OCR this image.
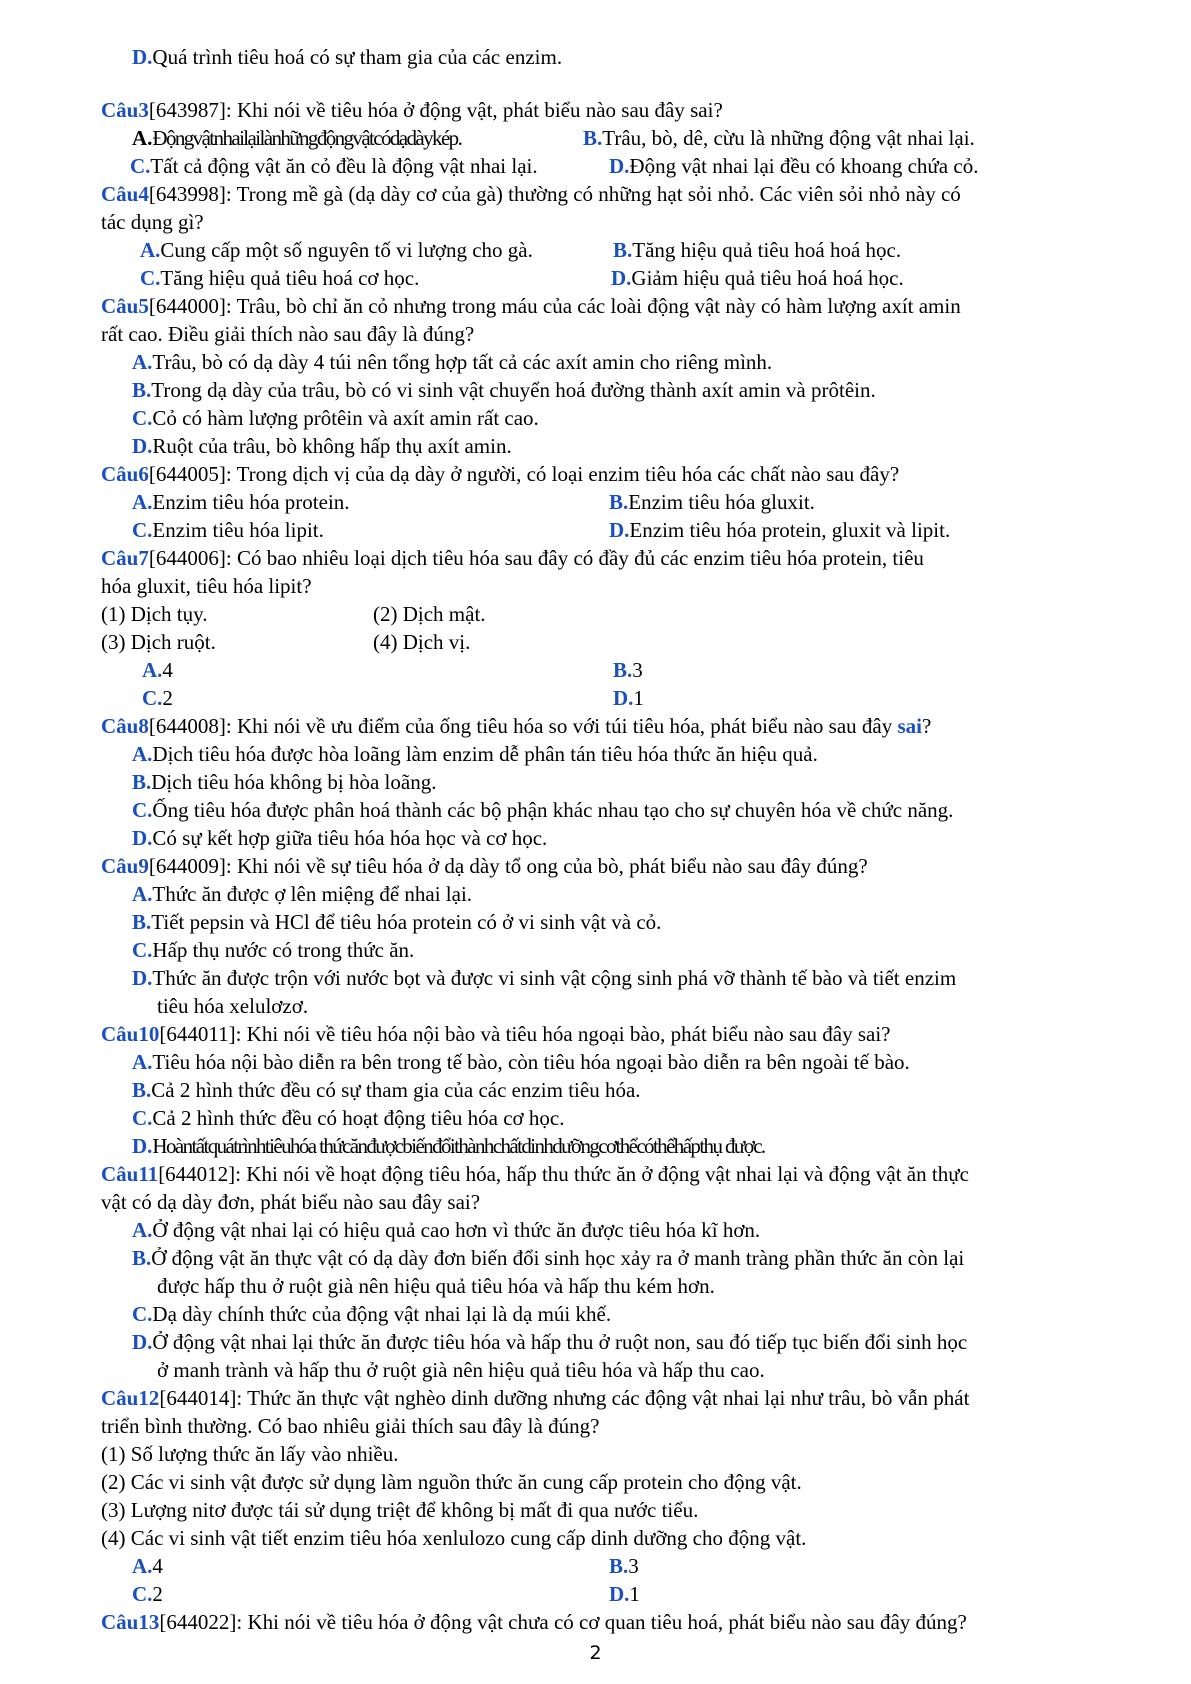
D.Quá trình tiêu hoá có sự tham gia của các enzim.
Câu3[643987]: Khi nói về tiêu hóa ở động vật, phát biểu nào sau đây sai?
A.Độngvậtnhailạilànhữngđộngvậtcódạdàykép.	B.Trâu, bò, dê, cừu là những động vật nhai lại.
C.Tất cả động vật ăn cỏ đều là động vật nhai lại.	D.Động vật nhai lại đều có khoang chứa cỏ.
Câu4[643998]: Trong mề gà (dạ dày cơ của gà) thường có những hạt sỏi nhỏ. Các viên sỏi nhỏ này có
tác dụng gì?
A.Cung cấp một số nguyên tố vi lượng cho gà.	B.Tăng hiệu quả tiêu hoá hoá học.
C.Tăng hiệu quả tiêu hoá cơ học.	D.Giảm hiệu quả tiêu hoá hoá học.
Câu5[644000]: Trâu, bò chỉ ăn cỏ nhưng trong máu của các loài động vật này có hàm lượng axít amin
rất cao. Điều giải thích nào sau đây là đúng?
A.Trâu, bò có dạ dày 4 túi nên tổng hợp tất cả các axít amin cho riêng mình.
B.Trong dạ dày của trâu, bò có vi sinh vật chuyển hoá đường thành axít amin và prôtêin.
C.Cỏ có hàm lượng prôtêin và axít amin rất cao.
D.Ruột của trâu, bò không hấp thụ axít amin.
Câu6[644005]: Trong dịch vị của dạ dày ở người, có loại enzim tiêu hóa các chất nào sau đây?
A.Enzim tiêu hóa protein.	B.Enzim tiêu hóa gluxit.
C.Enzim tiêu hóa lipit.	D.Enzim tiêu hóa protein, gluxit và lipit.
Câu7[644006]: Có bao nhiêu loại dịch tiêu hóa sau đây có đầy đủ các enzim tiêu hóa protein, tiêu
hóa gluxit, tiêu hóa lipit?
(1) Dịch tụy.	(2) Dịch mật.
(3) Dịch ruột.	(4) Dịch vị.
A.4	B.3
C.2	D.1
Câu8[644008]: Khi nói về ưu điểm của ống tiêu hóa so với túi tiêu hóa, phát biểu nào sau đây sai?
A.Dịch tiêu hóa được hòa loãng làm enzim dễ phân tán tiêu hóa thức ăn hiệu quả.
B.Dịch tiêu hóa không bị hòa loãng.
C.Ống tiêu hóa được phân hoá thành các bộ phận khác nhau tạo cho sự chuyên hóa về chức năng.
D.Có sự kết hợp giữa tiêu hóa hóa học và cơ học.
Câu9[644009]: Khi nói về sự tiêu hóa ở dạ dày tổ ong của bò, phát biểu nào sau đây đúng?
A.Thức ăn được ợ lên miệng để nhai lại.
B.Tiết pepsin và HCl để tiêu hóa protein có ở vi sinh vật và cỏ.
C.Hấp thụ nước có trong thức ăn.
D.Thức ăn được trộn với nước bọt và được vi sinh vật cộng sinh phá vỡ thành tế bào và tiết enzim
tiêu hóa xelulơzơ.
Câu10[644011]: Khi nói về tiêu hóa nội bào và tiêu hóa ngoại bào, phát biểu nào sau đây sai?
A.Tiêu hóa nội bào diễn ra bên trong tế bào, còn tiêu hóa ngoại bào diễn ra bên ngoài tế bào.
B.Cả 2 hình thức đều có sự tham gia của các enzim tiêu hóa.
C.Cả 2 hình thức đều có hoạt động tiêu hóa cơ học.
D.Hoàntấtquátrìnhtiêuhóa thứcănđượcbiếnđổithànhchấtdinhdưỡngcơthểcóthểhấpthụ được.
Câu11[644012]: Khi nói về hoạt động tiêu hóa, hấp thu thức ăn ở động vật nhai lại và động vật ăn thực
vật có dạ dày đơn, phát biểu nào sau đây sai?
A.Ở động vật nhai lại có hiệu quả cao hơn vì thức ăn được tiêu hóa kĩ hơn.
B.Ở động vật ăn thực vật có dạ dày đơn biến đổi sinh học xảy ra ở manh tràng phần thức ăn còn lại
được hấp thu ở ruột già nên hiệu quả tiêu hóa và hấp thu kém hơn.
C.Dạ dày chính thức của động vật nhai lại là dạ múi khế.
D.Ở động vật nhai lại thức ăn được tiêu hóa và hấp thu ở ruột non, sau đó tiếp tục biến đổi sinh học
ở manh trành và hấp thu ở ruột già nên hiệu quả tiêu hóa và hấp thu cao.
Câu12[644014]: Thức ăn thực vật nghèo dinh dưỡng nhưng các động vật nhai lại như trâu, bò vẫn phát
triển bình thường. Có bao nhiêu giải thích sau đây là đúng?
(1) Số lượng thức ăn lấy vào nhiều.
(2) Các vi sinh vật được sử dụng làm nguồn thức ăn cung cấp protein cho động vật.
(3) Lượng nitơ được tái sử dụng triệt để không bị mất đi qua nước tiểu.
(4) Các vi sinh vật tiết enzim tiêu hóa xenlulozo cung cấp dinh dưỡng cho động vật.
A.4	B.3
C.2	D.1
Câu13[644022]: Khi nói về tiêu hóa ở động vật chưa có cơ quan tiêu hoá, phát biểu nào sau đây đúng?
2
